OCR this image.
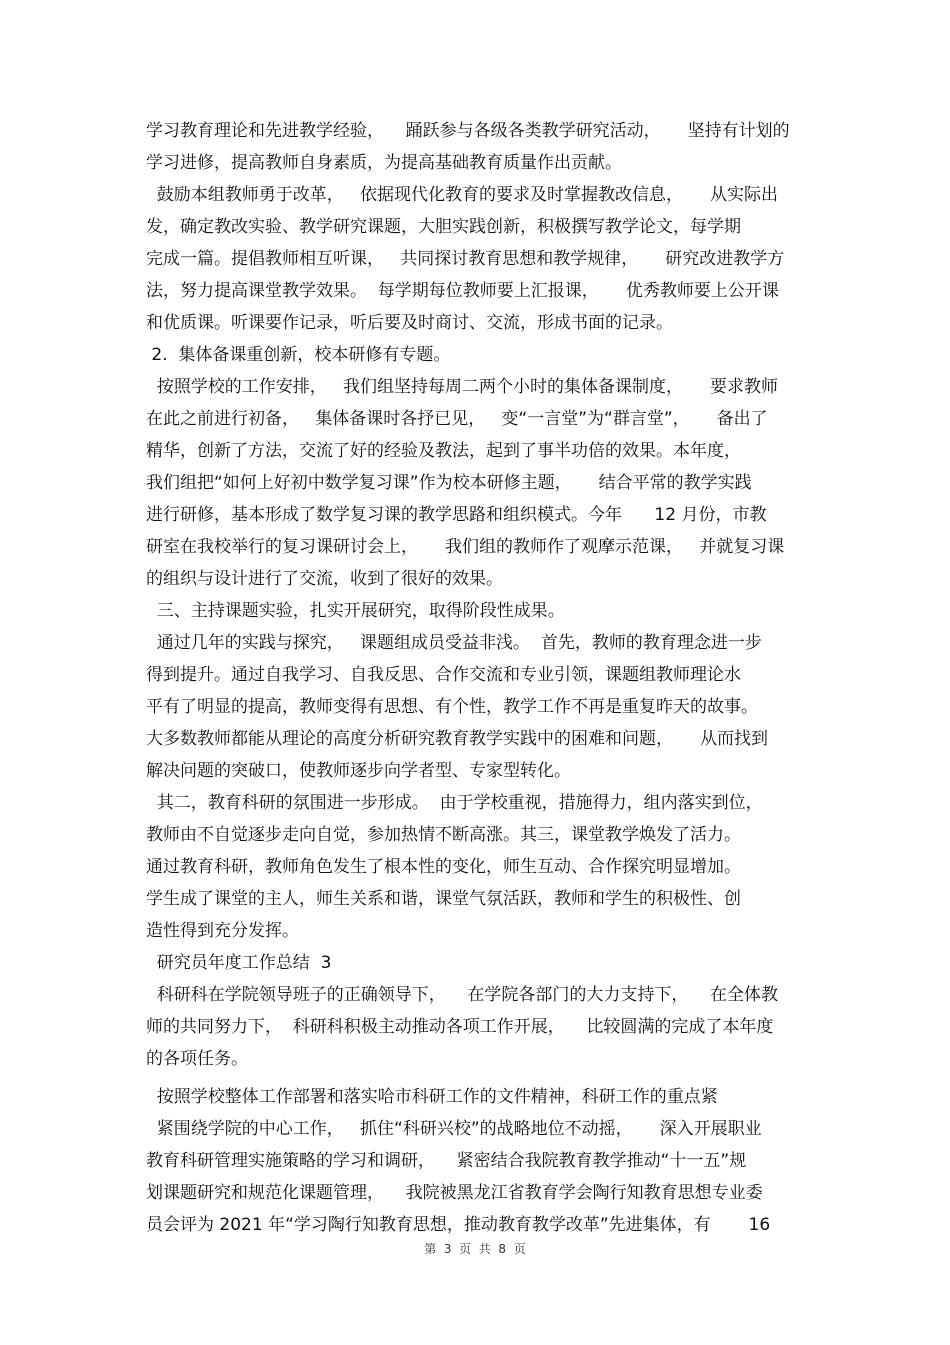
学习教育理论和先进教学经验，    踊跃参与各级各类教学研究活动，     坚持有计划的
学习进修，提高教师自身素质，为提高基础教育质量作出贡献。
鼓励本组教师勇于改革，   依据现代化教育的要求及时掌握教改信息，     从实际出
发，确定教改实验、教学研究课题，大胆实践创新，积极撰写教学论文，每学期
完成一篇。提倡教师相互听课，   共同探讨教育思想和教学规律，     研究改进教学方
法，努力提高课堂教学效果。  每学期每位教师要上汇报课，     优秀教师要上公开课
和优质课。听课要作记录，听后要及时商讨、交流，形成书面的记录。
2.  集体备课重创新，校本研修有专题。
按照学校的工作安排，   我们组坚持每周二两个小时的集体备课制度，     要求教师
在此之前进行初备，   集体备课时各抒已见，   变“一言堂”为“群言堂”，     备出了
精华，创新了方法，交流了好的经验及教法，起到了事半功倍的效果。本年度，
我们组把“如何上好初中数学复习课”作为校本研修主题，     结合平常的教学实践
进行研修，基本形成了数学复习课的教学思路和组织模式。今年      12 月份，市教
研室在我校举行的复习课研讨会上，     我们组的教师作了观摩示范课，   并就复习课
的组织与设计进行了交流，收到了很好的效果。
三、主持课题实验，扎实开展研究，取得阶段性成果。
通过几年的实践与探究，   课题组成员受益非浅。  首先，教师的教育理念进一步
得到提升。通过自我学习、自我反思、合作交流和专业引领，课题组教师理论水
平有了明显的提高，教师变得有思想、有个性，教学工作不再是重复昨天的故事。
大多数教师都能从理论的高度分析研究教育教学实践中的困难和问题，     从而找到
解决问题的突破口，使教师逐步向学者型、专家型转化。
其二，教育科研的氛围进一步形成。  由于学校重视，措施得力，组内落实到位，
教师由不自觉逐步走向自觉，参加热情不断高涨。其三，课堂教学焕发了活力。
通过教育科研，教师角色发生了根本性的变化，师生互动、合作探究明显增加。
学生成了课堂的主人，师生关系和谐，课堂气氛活跃，教师和学生的积极性、创
造性得到充分发挥。
研究员年度工作总结  3
科研科在学院领导班子的正确领导下，    在学院各部门的大力支持下，    在全体教
师的共同努力下，  科研科积极主动推动各项工作开展，    比较圆满的完成了本年度
的各项任务。
按照学校整体工作部署和落实哈市科研工作的文件精神，科研工作的重点紧
紧围绕学院的中心工作，   抓住“科研兴校”的战略地位不动摇，     深入开展职业
教育科研管理实施策略的学习和调研，    紧密结合我院教育教学推动“十一五”规
划课题研究和规范化课题管理，    我院被黑龙江省教育学会陶行知教育思想专业委
员会评为 2021 年“学习陶行知教育思想，推动教育教学改革”先进集体，有       16
第  3  页  共  8  页
